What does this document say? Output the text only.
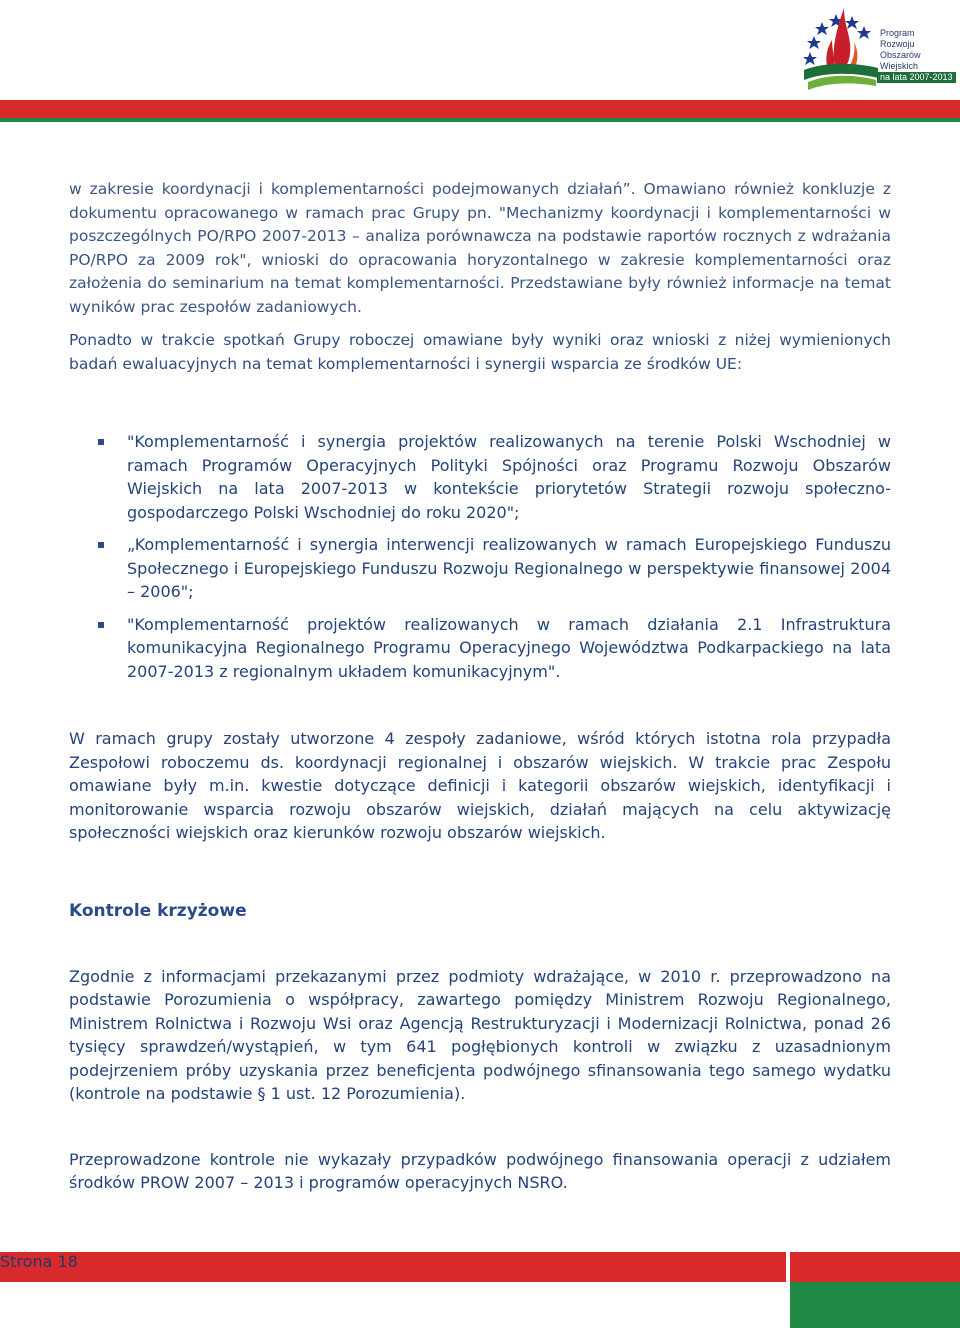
Program
Rozwoju
Obszarów
Wiejskich
na lata 2007-2013

w zakresie koordynacji i komplementarności podejmowanych działań”. Omawiano również konkluzje z dokumentu opracowanego w ramach prac Grupy pn. "Mechanizmy koordynacji i komplementarności w poszczególnych PO/RPO 2007-2013 – analiza porównawcza na podstawie raportów rocznych z wdrażania PO/RPO za 2009 rok", wnioski do opracowania horyzontalnego w zakresie komplementarności oraz założenia do seminarium na temat komplementarności. Przedstawiane były również informacje na temat wyników prac zespołów zadaniowych.

Ponadto w trakcie spotkań Grupy roboczej omawiane były wyniki oraz wnioski z niżej wymienionych badań ewaluacyjnych na temat komplementarności i synergii wsparcia ze środków UE:

"Komplementarność i synergia projektów realizowanych na terenie Polski Wschodniej w ramach Programów Operacyjnych Polityki Spójności oraz Programu Rozwoju Obszarów Wiejskich na lata 2007-2013 w kontekście priorytetów Strategii rozwoju społeczno-gospodarczego Polski Wschodniej do roku 2020";
„Komplementarność i synergia interwencji realizowanych w ramach Europejskiego Funduszu Społecznego i Europejskiego Funduszu Rozwoju Regionalnego w perspektywie finansowej 2004 – 2006";
"Komplementarność projektów realizowanych w ramach działania 2.1 Infrastruktura komunikacyjna Regionalnego Programu Operacyjnego Województwa Podkarpackiego na lata 2007-2013 z regionalnym układem komunikacyjnym".

W ramach grupy zostały utworzone 4 zespoły zadaniowe, wśród których istotna rola przypadła Zespołowi roboczemu ds. koordynacji regionalnej i obszarów wiejskich. W trakcie prac Zespołu omawiane były m.in. kwestie dotyczące definicji i kategorii obszarów wiejskich, identyfikacji i monitorowanie wsparcia rozwoju obszarów wiejskich, działań mających na celu aktywizację społeczności wiejskich oraz kierunków rozwoju obszarów wiejskich.

Kontrole krzyżowe

Zgodnie z informacjami przekazanymi przez podmioty wdrażające, w 2010 r. przeprowadzono na podstawie Porozumienia o współpracy, zawartego pomiędzy Ministrem Rozwoju Regionalnego, Ministrem Rolnictwa i Rozwoju Wsi oraz Agencją Restrukturyzacji i Modernizacji Rolnictwa, ponad 26 tysięcy sprawdzeń/wystąpień, w tym 641 pogłębionych kontroli w związku z uzasadnionym podejrzeniem próby uzyskania przez beneficjenta podwójnego sfinansowania tego samego wydatku (kontrole na podstawie § 1 ust. 12 Porozumienia).

Przeprowadzone kontrole nie wykazały przypadków podwójnego finansowania operacji z udziałem środków PROW 2007 – 2013 i programów operacyjnych NSRO.

Strona 18
